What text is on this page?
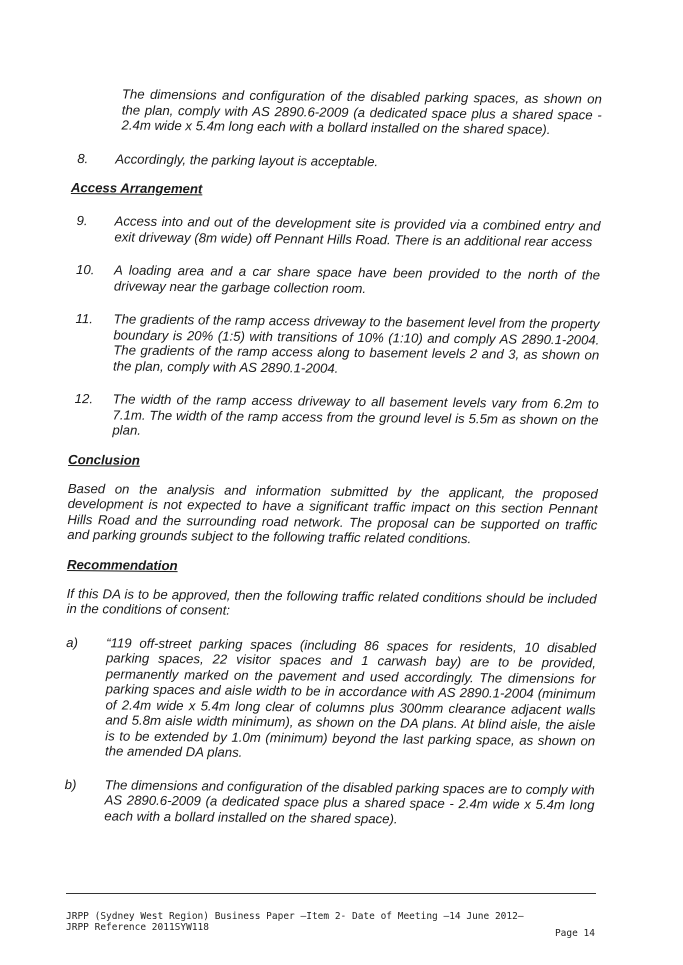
The dimensions and configuration of the disabled parking spaces, as shown on the plan, comply with AS 2890.6-2009 (a dedicated space plus a shared space - 2.4m wide x 5.4m long each with a bollard installed on the shared space).
8.	Accordingly, the parking layout is acceptable.
Access Arrangement
9.	Access into and out of the development site is provided via a combined entry and exit driveway (8m wide) off Pennant Hills Road. There is an additional rear access
10.	A loading area and a car share space have been provided to the north of the driveway near the garbage collection room.
11.	The gradients of the ramp access driveway to the basement level from the property boundary is 20% (1:5) with transitions of 10% (1:10) and comply AS 2890.1-2004. The gradients of the ramp access along to basement levels 2 and 3, as shown on the plan, comply with AS 2890.1-2004.
12.	The width of the ramp access driveway to all basement levels vary from 6.2m to 7.1m. The width of the ramp access from the ground level is 5.5m as shown on the plan.
Conclusion
Based on the analysis and information submitted by the applicant, the proposed development is not expected to have a significant traffic impact on this section Pennant Hills Road and the surrounding road network. The proposal can be supported on traffic and parking grounds subject to the following traffic related conditions.
Recommendation
If this DA is to be approved, then the following traffic related conditions should be included in the conditions of consent:
a)	“119 off-street parking spaces (including 86 spaces for residents, 10 disabled parking spaces, 22 visitor spaces and 1 carwash bay) are to be provided, permanently marked on the pavement and used accordingly. The dimensions for parking spaces and aisle width to be in accordance with AS 2890.1-2004 (minimum of 2.4m wide x 5.4m long clear of columns plus 300mm clearance adjacent walls and 5.8m aisle width minimum), as shown on the DA plans. At blind aisle, the aisle is to be extended by 1.0m (minimum) beyond the last parking space, as shown on the amended DA plans.
b)	The dimensions and configuration of the disabled parking spaces are to comply with AS 2890.6-2009 (a dedicated space plus a shared space - 2.4m wide x 5.4m long each with a bollard installed on the shared space).
JRPP (Sydney West Region) Business Paper –Item 2- Date of Meeting –14 June 2012–
JRPP Reference 2011SYW118
Page 14
